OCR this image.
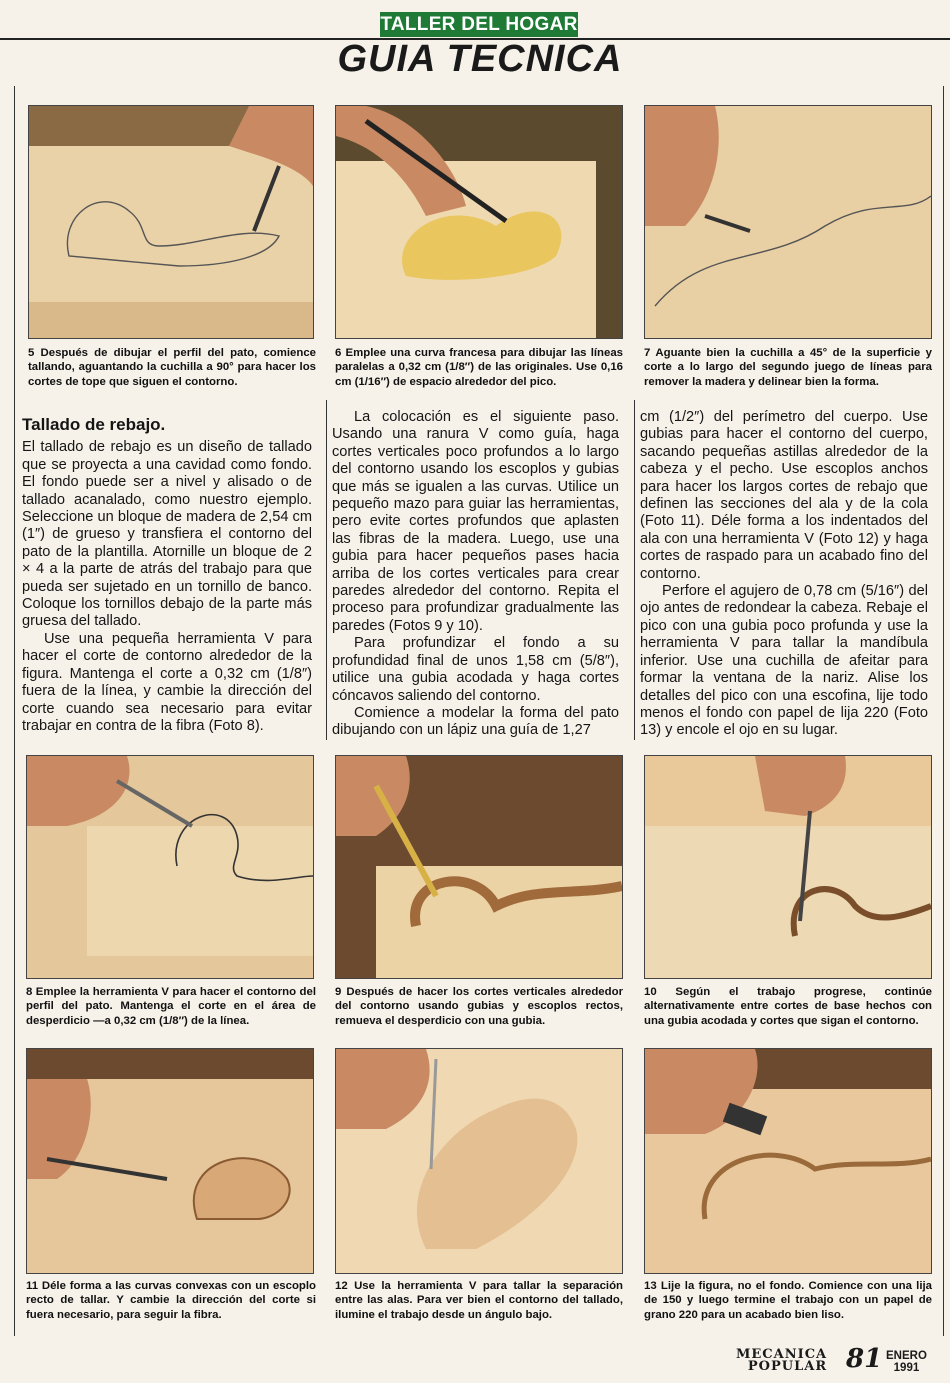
TALLER DEL HOGAR
GUIA TECNICA
5 Después de dibujar el perfil del pato, comience tallando, aguantando la cuchilla a 90° para hacer los cortes de tope que siguen el contorno.
6 Emplee una curva francesa para dibujar las líneas paralelas a 0,32 cm (1/8″) de las originales. Use 0,16 cm (1/16″) de espacio alrededor del pico.
7 Aguante bien la cuchilla a 45° de la superficie y corte a lo largo del segundo juego de líneas para remover la madera y delinear bien la forma.
Tallado de rebajo.

El tallado de rebajo es un diseño de tallado que se proyecta a una cavidad como fondo. El fondo puede ser a nivel y alisado o de tallado acanalado, como nuestro ejemplo. Seleccione un bloque de madera de 2,54 cm (1″) de grueso y transfiera el contorno del pato de la plantilla. Atornille un bloque de 2 × 4 a la parte de atrás del trabajo para que pueda ser sujetado en un tornillo de banco. Coloque los tornillos debajo de la parte más gruesa del tallado.

Use una pequeña herramienta V para hacer el corte de contorno alrededor de la figura. Mantenga el corte a 0,32 cm (1/8″) fuera de la línea, y cambie la dirección del corte cuando sea necesario para evitar trabajar en contra de la fibra (Foto 8).

La colocación es el siguiente paso. Usando una ranura V como guía, haga cortes verticales poco profundos a lo largo del contorno usando los escoplos y gubias que más se igualen a las curvas. Utilice un pequeño mazo para guiar las herramientas, pero evite cortes profundos que aplasten las fibras de la madera. Luego, use una gubia para hacer pequeños pases hacia arriba de los cortes verticales para crear paredes alrededor del contorno. Repita el proceso para profundizar gradualmente las paredes (Fotos 9 y 10).

Para profundizar el fondo a su profundidad final de unos 1,58 cm (5/8″), utilice una gubia acodada y haga cortes cóncavos saliendo del contorno.

Comience a modelar la forma del pato dibujando con un lápiz una guía de 1,27

cm (1/2″) del perímetro del cuerpo. Use gubias para hacer el contorno del cuerpo, sacando pequeñas astillas alrededor de la cabeza y el pecho. Use escoplos anchos para hacer los largos cortes de rebajo que definen las secciones del ala y de la cola (Foto 11). Déle forma a los indentados del ala con una herramienta V (Foto 12) y haga cortes de raspado para un acabado fino del contorno.

Perfore el agujero de 0,78 cm (5/16″) del ojo antes de redondear la cabeza. Rebaje el pico con una gubia poco profunda y use la herramienta V para tallar la mandíbula inferior. Use una cuchilla de afeitar para formar la ventana de la nariz. Alise los detalles del pico con una escofina, lije todo menos el fondo con papel de lija 220 (Foto 13) y encole el ojo en su lugar.

8 Emplee la herramienta V para hacer el contorno del perfil del pato. Mantenga el corte en el área de desperdicio —a 0,32 cm (1/8″) de la línea.
9 Después de hacer los cortes verticales alrededor del contorno usando gubias y escoplos rectos, remueva el desperdicio con una gubia.
10 Según el trabajo progrese, continúe alternativamente entre cortes de base hechos con una gubia acodada y cortes que sigan el contorno.
11 Déle forma a las curvas convexas con un escoplo recto de tallar. Y cambie la dirección del corte si fuera necesario, para seguir la fibra.
12 Use la herramienta V para tallar la separación entre las alas. Para ver bien el contorno del tallado, ilumine el trabajo desde un ángulo bajo.
13 Lije la figura, no el fondo. Comience con una lija de 150 y luego termine el trabajo con un papel de grano 220 para un acabado bien liso.
MECANICA
POPULAR 81 ENERO
1991
